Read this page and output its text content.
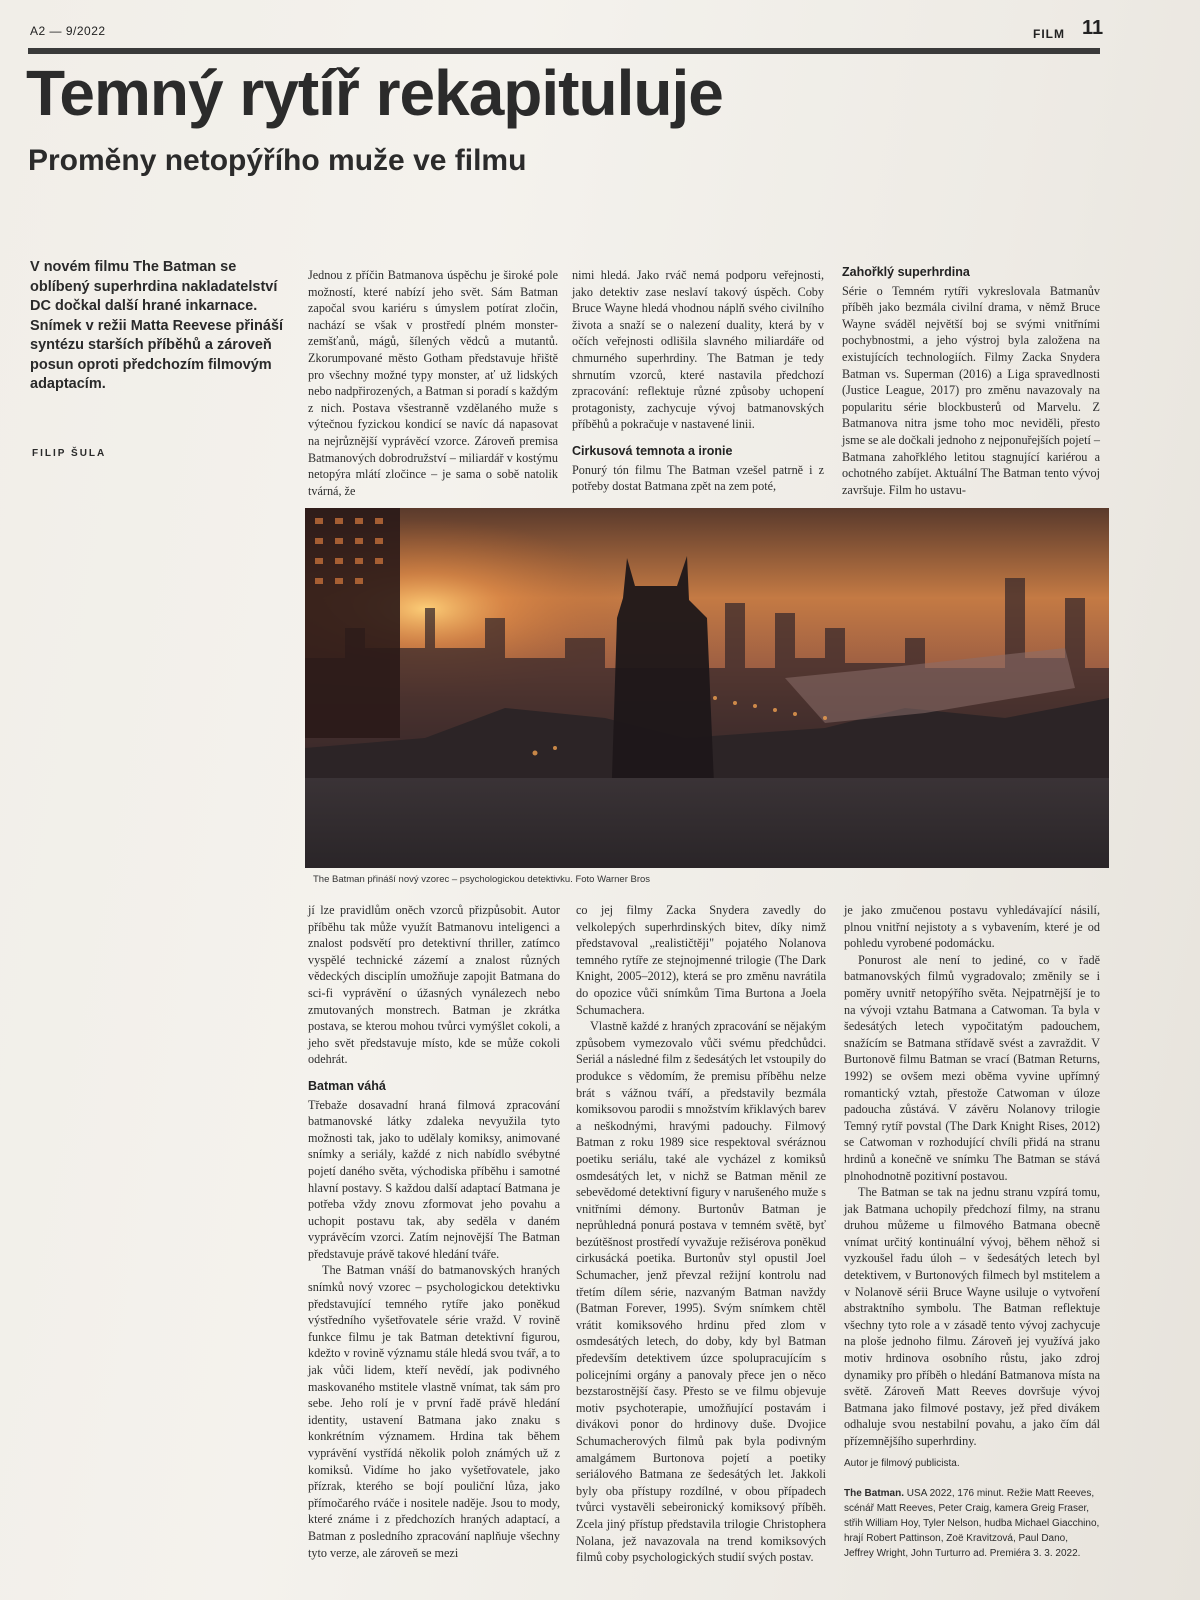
A2 — 9/2022	FILM 11
Temný rytíř rekapituluje
Proměny netopýřího muže ve filmu
V novém filmu The Batman se oblíbený superhrdina nakladatelství DC dočkal další hrané inkarnace. Snímek v režii Matta Reevese přináší syntézu starších příběhů a zároveň posun oproti předchozím filmovým adaptacím.
FILIP ŠULA

Jednou z příčin Batmanova úspěchu je široké pole možností, které nabízí jeho svět. Sám Batman započal svou kariéru s úmyslem potírat zločin, nachází se však v prostředí plném monster-zemšťanů, mágů, šílených vědců a mutantů. Zkorumpované město Gotham představuje hřiště pro všechny možné typy monster, ať už lidských nebo nadpřirozených, a Batman si poradí s každým z nich. Postava všestranně vzdělaného muže s výtečnou fyzickou kondicí se navíc dá napasovat na nejrůznější vyprávěcí vzorce. Zároveň premisa Batmanových dobrodružství – miliardář v kostýmu netopýra mlátí zločince – je sama o sobě natolik tvárná, že

nimi hledá. Jako rváč nemá podporu veřejnosti, jako detektiv zase neslaví takový úspěch. Coby Bruce Wayne hledá vhodnou náplň svého civilního života a snaží se o nalezení duality, která by v očích veřejnosti odlišila slavného miliardáře od chmurného superhrdiny. The Batman je tedy shrnutím vzorců, které nastavila předchozí zpracování: reflektuje různé způsoby uchopení protagonisty, zachycuje vývoj batmanovských příběhů a pokračuje v nastavené linii.

Cirkusová temnota a ironie

Ponurý tón filmu The Batman vzešel patrně i z potřeby dostat Batmana zpět na zem poté,

Zahořklý superhrdina

Série o Temném rytíři vykreslovala Batmanův příběh jako bezmála civilní drama, v němž Bruce Wayne sváděl největší boj se svými vnitřními pochybnostmi, a jeho výstroj byla založena na existujících technologiích. Filmy Zacka Snydera Batman vs. Superman (2016) a Liga spravedlnosti (Justice League, 2017) pro změnu navazovaly na popularitu série blockbusterů od Marvelu. Z Batmanova nitra jsme toho moc neviděli, přesto jsme se ale dočkali jednoho z nejponuřejších pojetí – Batmana zahořklého letitou stagnující kariérou a ochotného zabíjet. Aktuální The Batman tento vývoj završuje. Film ho ustavu-

The Batman přináší nový vzorec – psychologickou detektivku. Foto Warner Bros

jí lze pravidlům oněch vzorců přizpůsobit. Autor příběhu tak může využít Batmanovu inteligenci a znalost podsvětí pro detektivní thriller, zatímco vyspělé technické zázemí a znalost různých vědeckých disciplín umožňuje zapojit Batmana do sci-fi vyprávění o úžasných vynálezech nebo zmutovaných monstrech. Batman je zkrátka postava, se kterou mohou tvůrci vymýšlet cokoli, a jeho svět představuje místo, kde se může cokoli odehrát.

Batman váhá

Třebaže dosavadní hraná filmová zpracování batmanovské látky zdaleka nevyužila tyto možnosti tak, jako to udělaly komiksy, animované snímky a seriály, každé z nich nabídlo svébytné pojetí daného světa, východiska příběhu i samotné hlavní postavy. S každou další adaptací Batmana je potřeba vždy znovu zformovat jeho povahu a uchopit postavu tak, aby seděla v daném vyprávěcím vzorci. Zatím nejnovější The Batman představuje právě takové hledání tváře.

The Batman vnáší do batmanovských hraných snímků nový vzorec – psychologickou detektivku představující temného rytíře jako poněkud výstředního vyšetřovatele série vražd. V rovině funkce filmu je tak Batman detektivní figurou, kdežto v rovině významu stále hledá svou tvář, a to jak vůči lidem, kteří nevědí, jak podivného maskovaného mstitele vlastně vnímat, tak sám pro sebe. Jeho rolí je v první řadě právě hledání identity, ustavení Batmana jako znaku s konkrétním významem. Hrdina tak během vyprávění vystřídá několik poloh známých už z komiksů. Vidíme ho jako vyšetřovatele, jako přízrak, kterého se bojí pouliční lůza, jako přímočarého rváče i nositele naděje. Jsou to mody, které známe i z předchozích hraných adaptací, a Batman z posledního zpracování naplňuje všechny tyto verze, ale zároveň se mezi

co jej filmy Zacka Snydera zavedly do velkolepých superhrdinských bitev, díky nimž představoval „realističtěji" pojatého Nolanova temného rytíře ze stejnojmenné trilogie (The Dark Knight, 2005–2012), která se pro změnu navrátila do opozice vůči snímkům Tima Burtona a Joela Schumachera.

Vlastně každé z hraných zpracování se nějakým způsobem vymezovalo vůči svému předchůdci. Seriál a následné film z šedesátých let vstoupily do produkce s vědomím, že premisu příběhu nelze brát s vážnou tváří, a představily bezmála komiksovou parodii s množstvím křiklavých barev a neškodnými, hravými padouchy. Filmový Batman z roku 1989 sice respektoval svéráznou poetiku seriálu, také ale vycházel z komiksů osmdesátých let, v nichž se Batman měnil ze sebevědomé detektivní figury v narušeného muže s vnitřními démony. Burtonův Batman je neprůhledná ponurá postava v temném světě, byť bezútěšnost prostředí vyvažuje režisérova poněkud cirkusácká poetika. Burtonův styl opustil Joel Schumacher, jenž převzal režijní kontrolu nad třetím dílem série, nazvaným Batman navždy (Batman Forever, 1995). Svým snímkem chtěl vrátit komiksového hrdinu před zlom v osmdesátých letech, do doby, kdy byl Batman především detektivem úzce spolupracujícím s policejními orgány a panovaly přece jen o něco bezstarostnější časy. Přesto se ve filmu objevuje motiv psychoterapie, umožňující postavám i divákovi ponor do hrdinovy duše. Dvojice Schumacherových filmů pak byla podivným amalgámem Burtonova pojetí a poetiky seriálového Batmana ze šedesátých let. Jakkoli byly oba přístupy rozdílné, v obou případech tvůrci vystavěli sebeironický komiksový příběh. Zcela jiný přístup představila trilogie Christophera Nolana, jež navazovala na trend komiksových filmů coby psychologických studií svých postav.

je jako zmučenou postavu vyhledávající násilí, plnou vnitřní nejistoty a s vybavením, které je od pohledu vyrobené podomácku.

Ponurost ale není to jediné, co v řadě batmanovských filmů vygradovalo; změnily se i poměry uvnitř netopýřího světa. Nejpatrnější je to na vývoji vztahu Batmana a Catwoman. Ta byla v šedesátých letech vypočitatým padouchem, snažícím se Batmana střídavě svést a zavraždit. V Burtonově filmu Batman se vrací (Batman Returns, 1992) se ovšem mezi oběma vyvine upřímný romantický vztah, přestože Catwoman v úloze padoucha zůstává. V závěru Nolanovy trilogie Temný rytíř povstal (The Dark Knight Rises, 2012) se Catwoman v rozhodující chvíli přidá na stranu hrdinů a konečně ve snímku The Batman se stává plnohodnotně pozitivní postavou.

The Batman se tak na jednu stranu vzpírá tomu, jak Batmana uchopily předchozí filmy, na stranu druhou můžeme u filmového Batmana obecně vnímat určitý kontinuální vývoj, během něhož si vyzkoušel řadu úloh – v šedesátých letech byl detektivem, v Burtonových filmech byl mstitelem a v Nolanově sérii Bruce Wayne usiluje o vytvoření abstraktního symbolu. The Batman reflektuje všechny tyto role a v zásadě tento vývoj zachycuje na ploše jednoho filmu. Zároveň jej využívá jako motiv hrdinova osobního růstu, jako zdroj dynamiky pro příběh o hledání Batmanova místa na světě. Zároveň Matt Reeves dovršuje vývoj Batmana jako filmové postavy, jež před divákem odhaluje svou nestabilní povahu, a jako čím dál přízemnějšího superhrdiny.

Autor je filmový publicista.

The Batman. USA 2022, 176 minut. Režie Matt Reeves, scénář Matt Reeves, Peter Craig, kamera Greig Fraser, střih William Hoy, Tyler Nelson, hudba Michael Giacchino, hrají Robert Pattinson, Zoë Kravitzová, Paul Dano, Jeffrey Wright, John Turturro ad. Premiéra 3. 3. 2022.
